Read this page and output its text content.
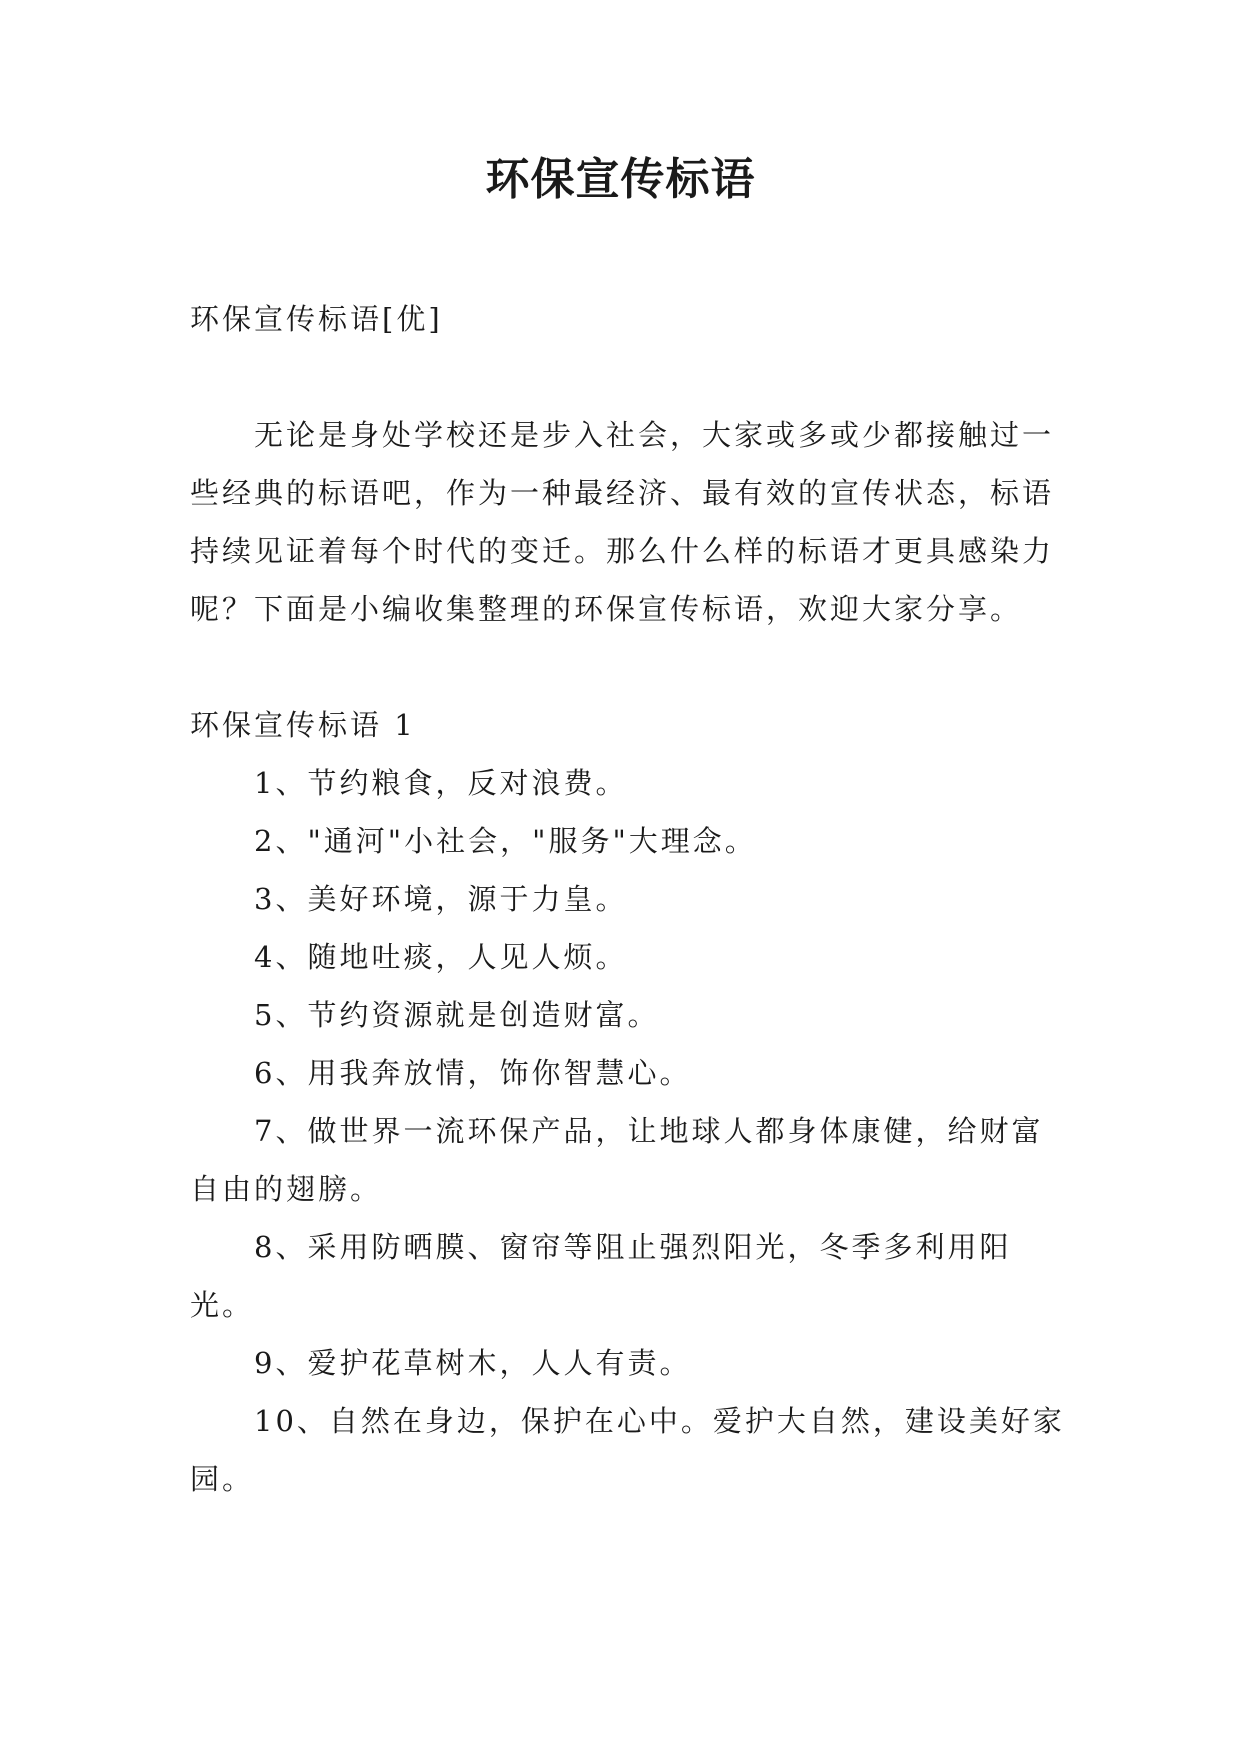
环保宣传标语

环保宣传标语[优]

无论是身处学校还是步入社会，大家或多或少都接触过一些经典的标语吧，作为一种最经济、最有效的宣传状态，标语持续见证着每个时代的变迁。那么什么样的标语才更具感染力呢？下面是小编收集整理的环保宣传标语，欢迎大家分享。

环保宣传标语 1

1、节约粮食，反对浪费。

2、"通河"小社会，"服务"大理念。

3、美好环境，源于力皇。

4、随地吐痰，人见人烦。

5、节约资源就是创造财富。

6、用我奔放情，饰你智慧心。

7、做世界一流环保产品，让地球人都身体康健，给财富自由的翅膀。

8、采用防晒膜、窗帘等阻止强烈阳光，冬季多利用阳光。

9、爱护花草树木，人人有责。

10、自然在身边，保护在心中。爱护大自然，建设美好家园。
